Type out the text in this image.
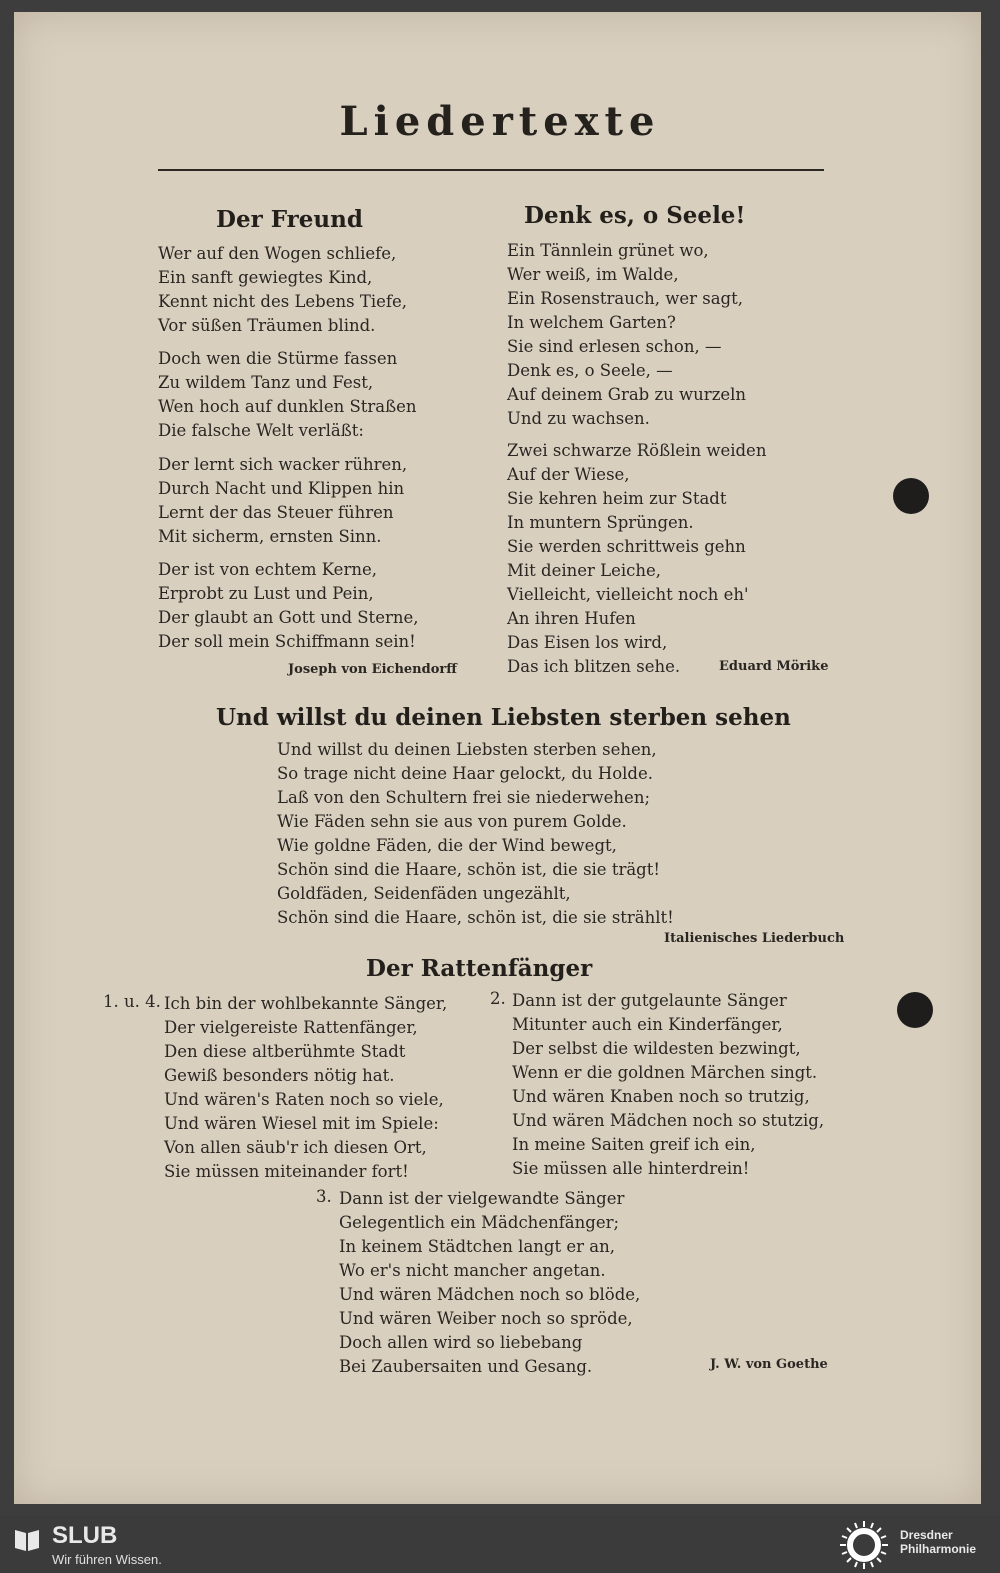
Liedertexte
Der Freund
Wer auf den Wogen schliefe,
Ein sanft gewiegtes Kind,
Kennt nicht des Lebens Tiefe,
Vor süßen Träumen blind.
Doch wen die Stürme fassen
Zu wildem Tanz und Fest,
Wen hoch auf dunklen Straßen
Die falsche Welt verläßt:
Der lernt sich wacker rühren,
Durch Nacht und Klippen hin
Lernt der das Steuer führen
Mit sicherm, ernsten Sinn.
Der ist von echtem Kerne,
Erprobt zu Lust und Pein,
Der glaubt an Gott und Sterne,
Der soll mein Schiffmann sein!
Joseph von Eichendorff
Denk es, o Seele!
Ein Tännlein grünet wo,
Wer weiß, im Walde,
Ein Rosenstrauch, wer sagt,
In welchem Garten?
Sie sind erlesen schon, —
Denk es, o Seele, —
Auf deinem Grab zu wurzeln
Und zu wachsen.
Zwei schwarze Rößlein weiden
Auf der Wiese,
Sie kehren heim zur Stadt
In muntern Sprüngen.
Sie werden schrittweis gehn
Mit deiner Leiche,
Vielleicht, vielleicht noch eh'
An ihren Hufen
Das Eisen los wird,
Das ich blitzen sehe.	Eduard Mörike
Und willst du deinen Liebsten sterben sehen
Und willst du deinen Liebsten sterben sehen,
So trage nicht deine Haar gelockt, du Holde.
Laß von den Schultern frei sie niederwehen;
Wie Fäden sehn sie aus von purem Golde.
Wie goldne Fäden, die der Wind bewegt,
Schön sind die Haare, schön ist, die sie trägt!
Goldfäden, Seidenfäden ungezählt,
Schön sind die Haare, schön ist, die sie strählt!
Italienisches Liederbuch
Der Rattenfänger
1. u. 4. Ich bin der wohlbekannte Sänger,
Der vielgereiste Rattenfänger,
Den diese altberühmte Stadt
Gewiß besonders nötig hat.
Und wären's Raten noch so viele,
Und wären Wiesel mit im Spiele:
Von allen säub'r ich diesen Ort,
Sie müssen miteinander fort!
2. Dann ist der gutgelaunte Sänger
Mitunter auch ein Kinderfänger,
Der selbst die wildesten bezwingt,
Wenn er die goldnen Märchen singt.
Und wären Knaben noch so trutzig,
Und wären Mädchen noch so stutzig,
In meine Saiten greif ich ein,
Sie müssen alle hinterdrein!
3. Dann ist der vielgewandte Sänger
Gelegentlich ein Mädchenfänger;
In keinem Städtchen langt er an,
Wo er's nicht mancher angetan.
Und wären Mädchen noch so blöde,
Und wären Weiber noch so spröde,
Doch allen wird so liebebang
Bei Zaubersaiten und Gesang.	J. W. von Goethe
SLUB
Wir führen Wissen.
Dresdner Philharmonie
